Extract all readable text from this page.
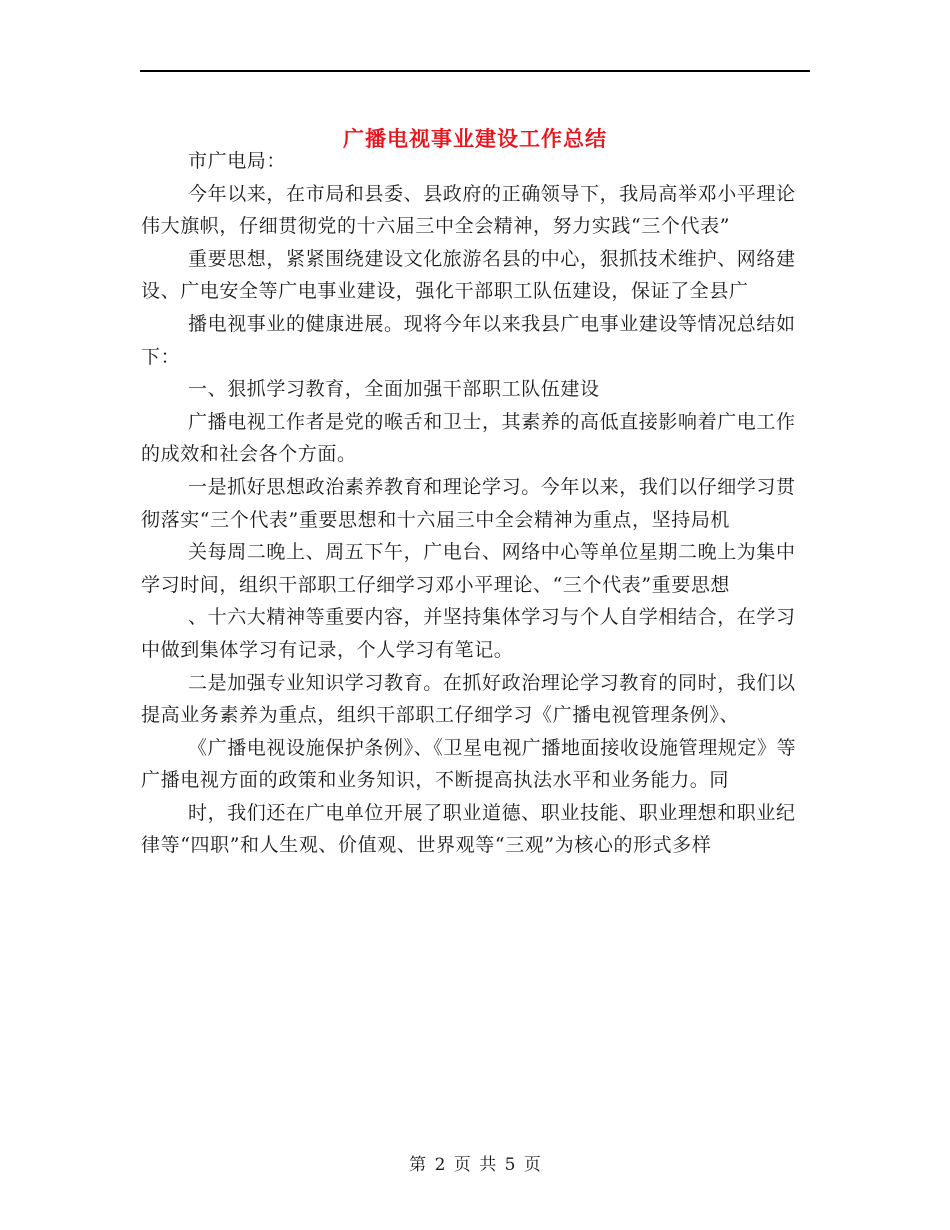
广播电视事业建设工作总结

市广电局：

今年以来，在市局和县委、县政府的正确领导下，我局高举邓小平理论伟大旗帜，仔细贯彻党的十六届三中全会精神，努力实践“三个代表”

重要思想，紧紧围绕建设文化旅游名县的中心，狠抓技术维护、网络建设、广电安全等广电事业建设，强化干部职工队伍建设，保证了全县广

播电视事业的健康进展。现将今年以来我县广电事业建设等情况总结如下：

一、狠抓学习教育，全面加强干部职工队伍建设

广播电视工作者是党的喉舌和卫士，其素养的高低直接影响着广电工作的成效和社会各个方面。

一是抓好思想政治素养教育和理论学习。今年以来，我们以仔细学习贯彻落实“三个代表”重要思想和十六届三中全会精神为重点，坚持局机

关每周二晚上、周五下午，广电台、网络中心等单位星期二晚上为集中学习时间，组织干部职工仔细学习邓小平理论、“三个代表”重要思想

、十六大精神等重要内容，并坚持集体学习与个人自学相结合，在学习中做到集体学习有记录，个人学习有笔记。

二是加强专业知识学习教育。在抓好政治理论学习教育的同时，我们以提高业务素养为重点，组织干部职工仔细学习《广播电视管理条例》、

《广播电视设施保护条例》、《卫星电视广播地面接收设施管理规定》等广播电视方面的政策和业务知识，不断提高执法水平和业务能力。同

时，我们还在广电单位开展了职业道德、职业技能、职业理想和职业纪律等“四职”和人生观、价值观、世界观等“三观”为核心的形式多样

第 2 页 共 5 页
